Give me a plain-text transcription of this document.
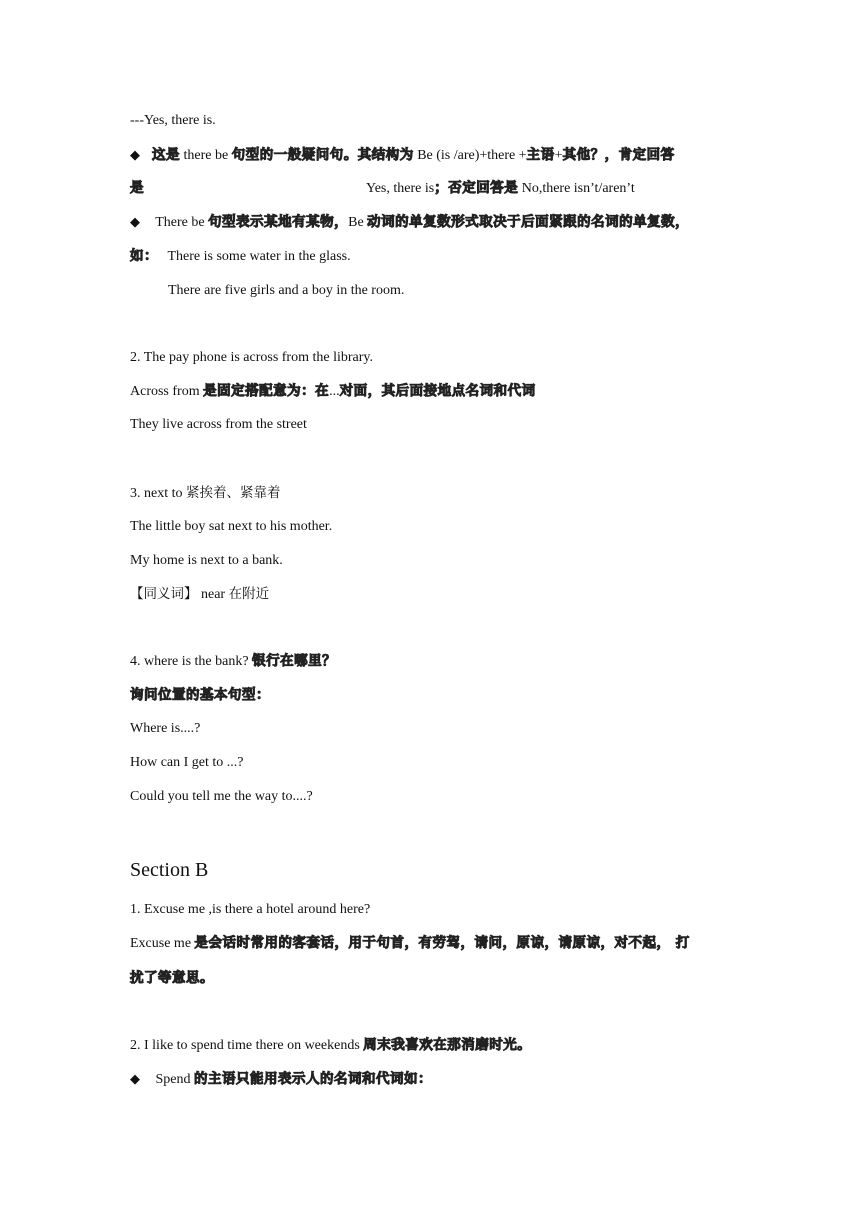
---Yes, there is.
◆ 这是 there be 句型的一般疑问句。其结构为 Be (is /are)+there +主语+其他？，肯定回答
是	Yes, there is；否定回答是 No,there isn’t/aren’t
◆ There be 句型表示某地有某物，Be 动词的单复数形式取决于后面紧跟的名词的单复数，
如： There is some water in the glass.
There are five girls and a boy in the room.
2. The pay phone is across from the library.
Across from 是固定搭配意为：在...对面，其后面接地点名词和代词
They live across from the street
3. next to 紧挨着、紧靠着
The little boy sat next to his mother.
My home is next to a bank.
【同义词】 near 在附近
4. where is the bank? 银行在哪里？
询问位置的基本句型：
Where is....?
How can I get to ...?
Could you tell me the way to....?
Section B
1. Excuse me ,is there a hotel around here?
Excuse me 是会话时常用的客套话，用于句首，有劳驾，请问，原谅，请原谅，对不起， 打
扰了等意思。
2. I like to spend time there on weekends 周末我喜欢在那消磨时光。
◆ Spend 的主语只能用表示人的名词和代词如：
